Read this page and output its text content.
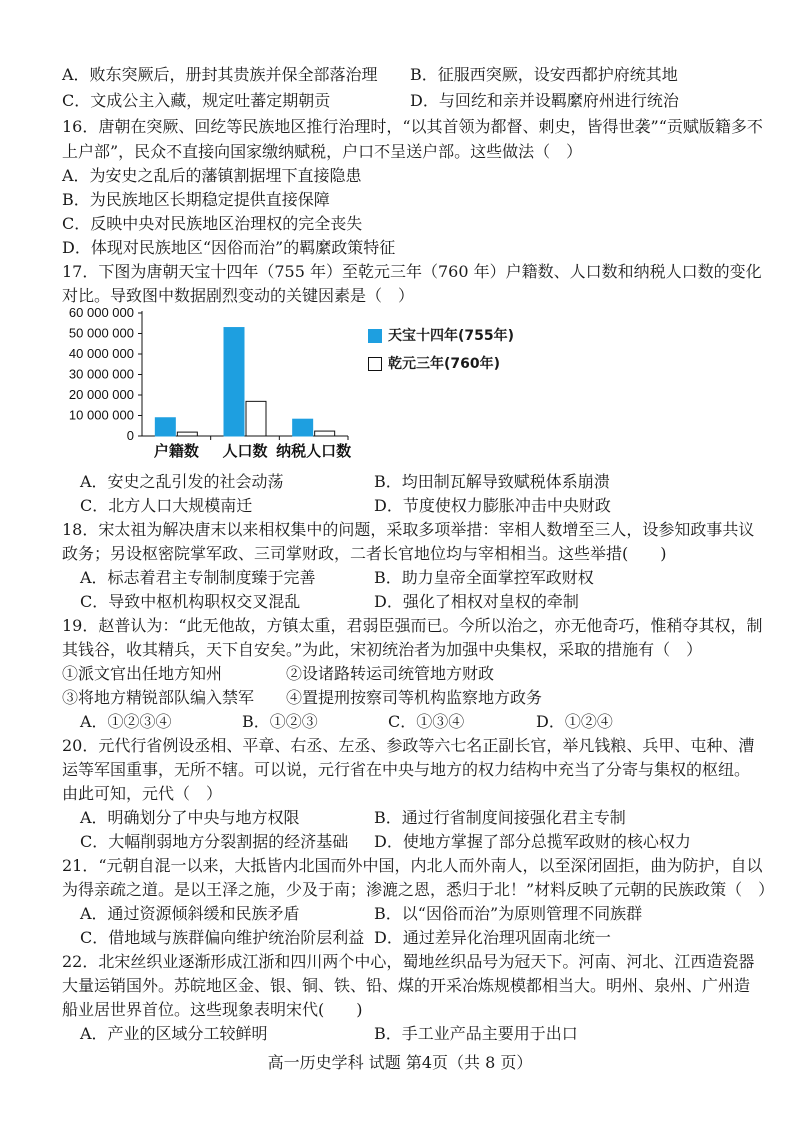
A．败东突厥后，册封其贵族并保全部落治理 B．征服西突厥，设安西都护府统其地
C．文成公主入藏，规定吐蕃定期朝贡	D．与回纥和亲并设羁縻府州进行统治
16．唐朝在突厥、回纥等民族地区推行治理时，“以其首领为都督、刺史，皆得世袭”“贡赋版籍多不
上户部”，民众不直接向国家缴纳赋税，户口不呈送户部。这些做法（　）
A．为安史之乱后的藩镇割据埋下直接隐患
B．为民族地区长期稳定提供直接保障
C．反映中央对民族地区治理权的完全丧失
D．体现对民族地区“因俗而治”的羁縻政策特征
17．下图为唐朝天宝十四年（755 年）至乾元三年（760 年）户籍数、人口数和纳税人口数的变化
对比。导致图中数据剧烈变动的关键因素是（　）
60 000 000
50 000 000
40 000 000
30 000 000
20 000 000
10 000 000
0
户籍数 人口数 纳税人口数
天宝十四年(755年)
乾元三年(760年)
A．安史之乱引发的社会动荡	B．均田制瓦解导致赋税体系崩溃
C．北方人口大规模南迁	D．节度使权力膨胀冲击中央财政
18．宋太祖为解决唐末以来相权集中的问题，采取多项举措：宰相人数增至三人，设参知政事共议
政务；另设枢密院掌军政、三司掌财政，二者长官地位均与宰相相当。这些举措(　　)
A．标志着君主专制制度臻于完善	B．助力皇帝全面掌控军政财权
C．导致中枢机构职权交叉混乱	D．强化了相权对皇权的牵制
19．赵普认为：“此无他故，方镇太重，君弱臣强而已。今所以治之，亦无他奇巧，惟稍夺其权，制
其钱谷，收其精兵，天下自安矣。”为此，宋初统治者为加强中央集权，采取的措施有（　）
①派文官出任地方知州	②设诸路转运司统管地方财政
③将地方精锐部队编入禁军 ④置提刑按察司等机构监察地方政务
A．①②③④	B．①②③	C．①③④	D．①②④
20．元代行省例设丞相、平章、右丞、左丞、参政等六七名正副长官，举凡钱粮、兵甲、屯种、漕
运等军国重事，无所不辖。可以说，元行省在中央与地方的权力结构中充当了分寄与集权的枢纽。
由此可知，元代（　）
A．明确划分了中央与地方权限	B．通过行省制度间接强化君主专制
C．大幅削弱地方分裂割据的经济基础 D．使地方掌握了部分总揽军政财的核心权力
21．“元朝自混一以来，大抵皆内北国而外中国，内北人而外南人，以至深闭固拒，曲为防护，自以
为得亲疏之道。是以王泽之施，少及于南；渗漉之恩，悉归于北！”材料反映了元朝的民族政策（　）
A．通过资源倾斜缓和民族矛盾	B．以“因俗而治”为原则管理不同族群
C．借地域与族群偏向维护统治阶层利益 D．通过差异化治理巩固南北统一
22．北宋丝织业逐渐形成江浙和四川两个中心，蜀地丝织品号为冠天下。河南、河北、江西造瓷器
大量运销国外。苏皖地区金、银、铜、铁、铅、煤的开采冶炼规模都相当大。明州、泉州、广州造
船业居世界首位。这些现象表明宋代(　　)
A．产业的区域分工较鲜明	B．手工业产品主要用于出口
高一历史学科 试题 第4页（共 8 页）
